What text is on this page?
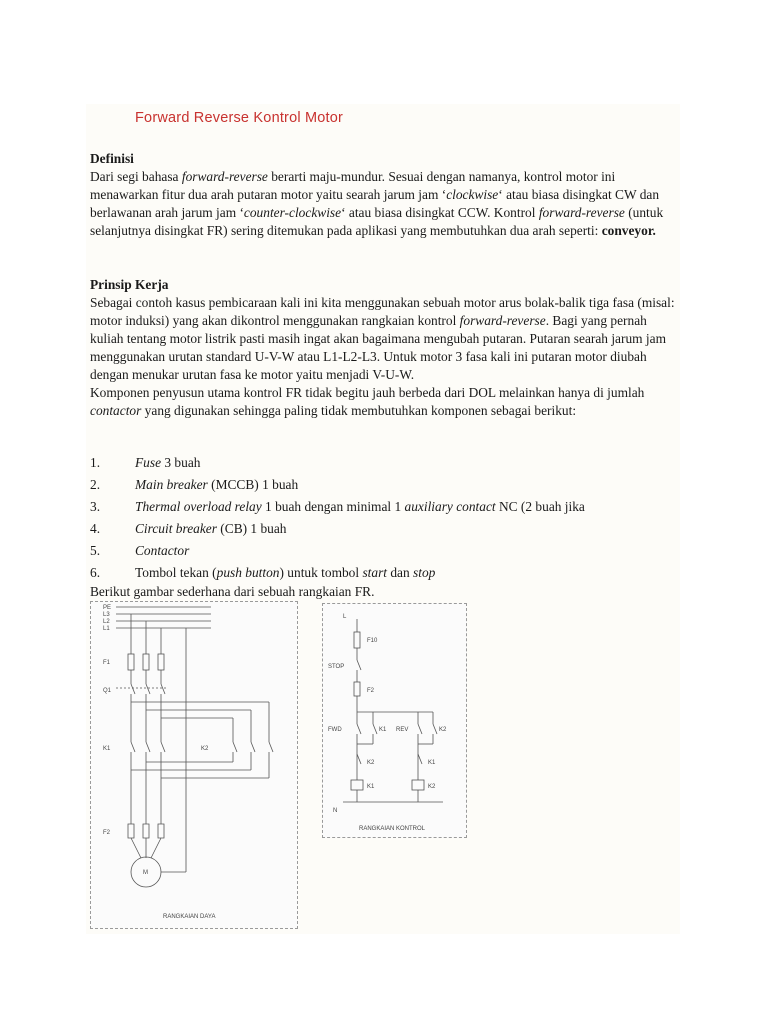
Forward Reverse Kontrol Motor
Definisi

Dari segi bahasa forward-reverse berarti maju-mundur. Sesuai dengan namanya, kontrol motor ini menawarkan fitur dua arah putaran motor yaitu searah jarum jam ‘clockwise‘ atau biasa disingkat CW dan berlawanan arah jarum jam ‘counter-clockwise‘ atau biasa disingkat CCW. Kontrol forward-reverse (untuk selanjutnya disingkat FR) sering ditemukan pada aplikasi yang membutuhkan dua arah seperti: conveyor.

Prinsip Kerja

Sebagai contoh kasus pembicaraan kali ini kita menggunakan sebuah motor arus bolak-balik tiga fasa (misal: motor induksi) yang akan dikontrol menggunakan rangkaian kontrol forward-reverse. Bagi yang pernah kuliah tentang motor listrik pasti masih ingat akan bagaimana mengubah putaran. Putaran searah jarum jam menggunakan urutan standard U-V-W atau L1-L2-L3. Untuk motor 3 fasa kali ini putaran motor diubah dengan menukar urutan fasa ke motor yaitu menjadi V-U-W.

Komponen penyusun utama kontrol FR tidak begitu jauh berbeda dari DOL melainkan hanya di jumlah contactor yang digunakan sehingga paling tidak membutuhkan komponen sebagai berikut:

1.	Fuse 3 buah
2.	Main breaker (MCCB) 1 buah
3.	Thermal overload relay 1 buah dengan minimal 1 auxiliary contact NC (2 buah jika
4.	Circuit breaker (CB) 1 buah
5.	Contactor
6.	Tombol tekan (push button) untuk tombol start dan stop
Berikut gambar sederhana dari sebuah rangkaian FR.
PE
L3
L2
L1
F1
Q1
K1	K2
F2
M
RANGKAIAN DAYA
L
F10
STOP
F2
FWD	K1 REV	K2
K2	K1
K1	K2
N
RANGKAIAN KONTROL
